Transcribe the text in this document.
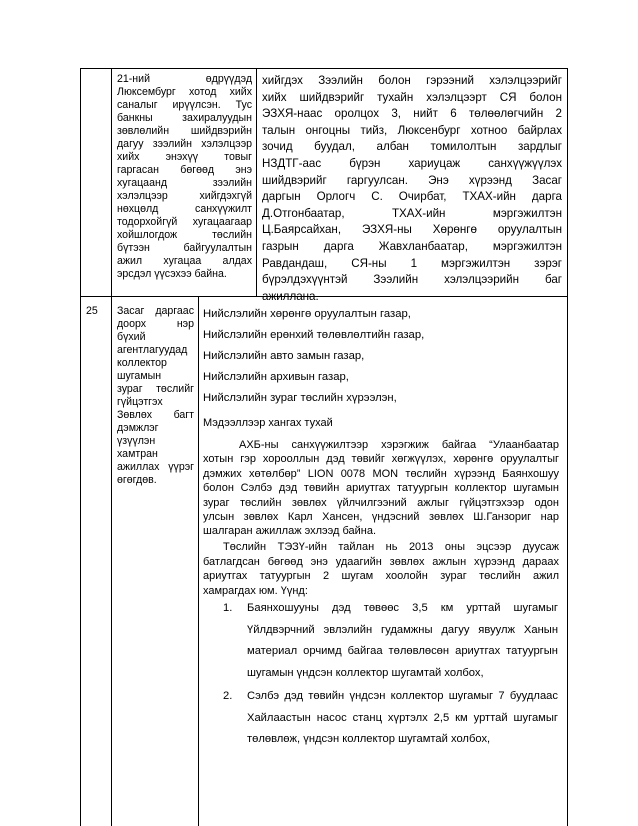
21-ний өдрүүдэд
Люксембург хотод хийх
саналыг ирүүлсэн. Тус
банкны захиралуудын
зөвлөлийн шийдвэрийн
дагуу зээлийн хэлэлцээр
хийх энэхүү товыг
гаргасан бөгөөд энэ
хугацаанд зээлийн
хэлэлцээр хийгдэхгүй
нөхцөлд санхүүжилт
тодорхойгүй хугацаагаар
хойшлогдож төслийн
бүтээн байгуулалтын
ажил хугацаа алдах
эрсдэл үүсэхээ байна.
хийгдэх Зээлийн болон гэрээний хэлэлцээрийг
хийх шийдвэрийг тухайн хэлэлцээрт СЯ болон
ЭЗХЯ-наас оролцох 3, нийт 6 төлөөлөгчийн 2
талын онгоцны тийз, Люксенбург хотноо байрлах
зочид буудал, албан томилолтын зардлыг
НЗДТГ-аас бүрэн хариуцаж санхүүжүүлэх
шийдвэрийг гаргуулсан. Энэ хүрээнд Засаг
даргын Орлогч С. Очирбат, ТХАХ-ийн дарга
Д.Отгонбаатар, ТХАХ-ийн мэргэжилтэн
Ц.Баярсайхан, ЭЗХЯ-ны Хөрөнгө оруулалтын
газрын дарга Жавхланбаатар, мэргэжилтэн
Равдандаш, СЯ-ны 1 мэргэжилтэн зэрэг
бүрэлдэхүүнтэй Зээлийн хэлэлцээрийн баг
ажиллана.
25	Засаг даргаас
доорх нэр
бүхий
агентлагуудад
коллектор
шугамын
зураг төслийг
гүйцэтгэх
Зөвлөх багт
дэмжлэг
үзүүлэн
хамтран
ажиллах үүрэг
өгөгдөв.
Нийслэлийн хөрөнгө оруулалтын газар,
Нийслэлийн ерөнхий төлөвлөлтийн газар,
Нийслэлийн авто замын газар,
Нийслэлийн архивын газар,
Нийслэлийн зураг төслийн хүрээлэн,
Мэдээллээр хангах тухай
АХБ-ны санхүүжилтээр хэрэгжиж байгаа “Улаанбаатар
хотын гэр хорооллын дэд төвийг хөгжүүлэх, хөрөнгө оруулалтыг
дэмжих хөтөлбөр” LION 0078 MON төслийн хүрээнд Баянхошуу
болон Сэлбэ дэд төвийн ариутгах татуургын коллектор шугамын
зураг төслийн зөвлөх үйлчилгээний ажлыг гүйцэтгэхээр одон
улсын зөвлөх Карл Хансен, үндэсний зөвлөх Ш.Ганзориг нар
шалгаран ажиллаж эхлээд байна.
Төслийн ТЭЗҮ-ийн тайлан нь 2013 оны эцсээр дуусаж
батлагдсан бөгөөд энэ удаагийн зөвлөх ажлын хүрээнд дараах
ариутгах татуургын 2 шугам хоолойн зураг төслийн ажил
хамрагдах юм. Үүнд:
1. Баянхошууны дэд төвөөс 3,5 км урттай шугамыг
Үйлдвэрчний эвлэлийн гудамжны дагуу явуулж Ханын
материал орчимд байгаа төлөвлөсөн ариутгах татуургын
шугамын үндсэн коллектор шугамтай холбох,
2. Сэлбэ дэд төвийн үндсэн коллектор шугамыг 7 буудлаас
Хайлаастын насос станц хүртэлх 2,5 км урттай шугамыг
төлөвлөж, үндсэн коллектор шугамтай холбох,
